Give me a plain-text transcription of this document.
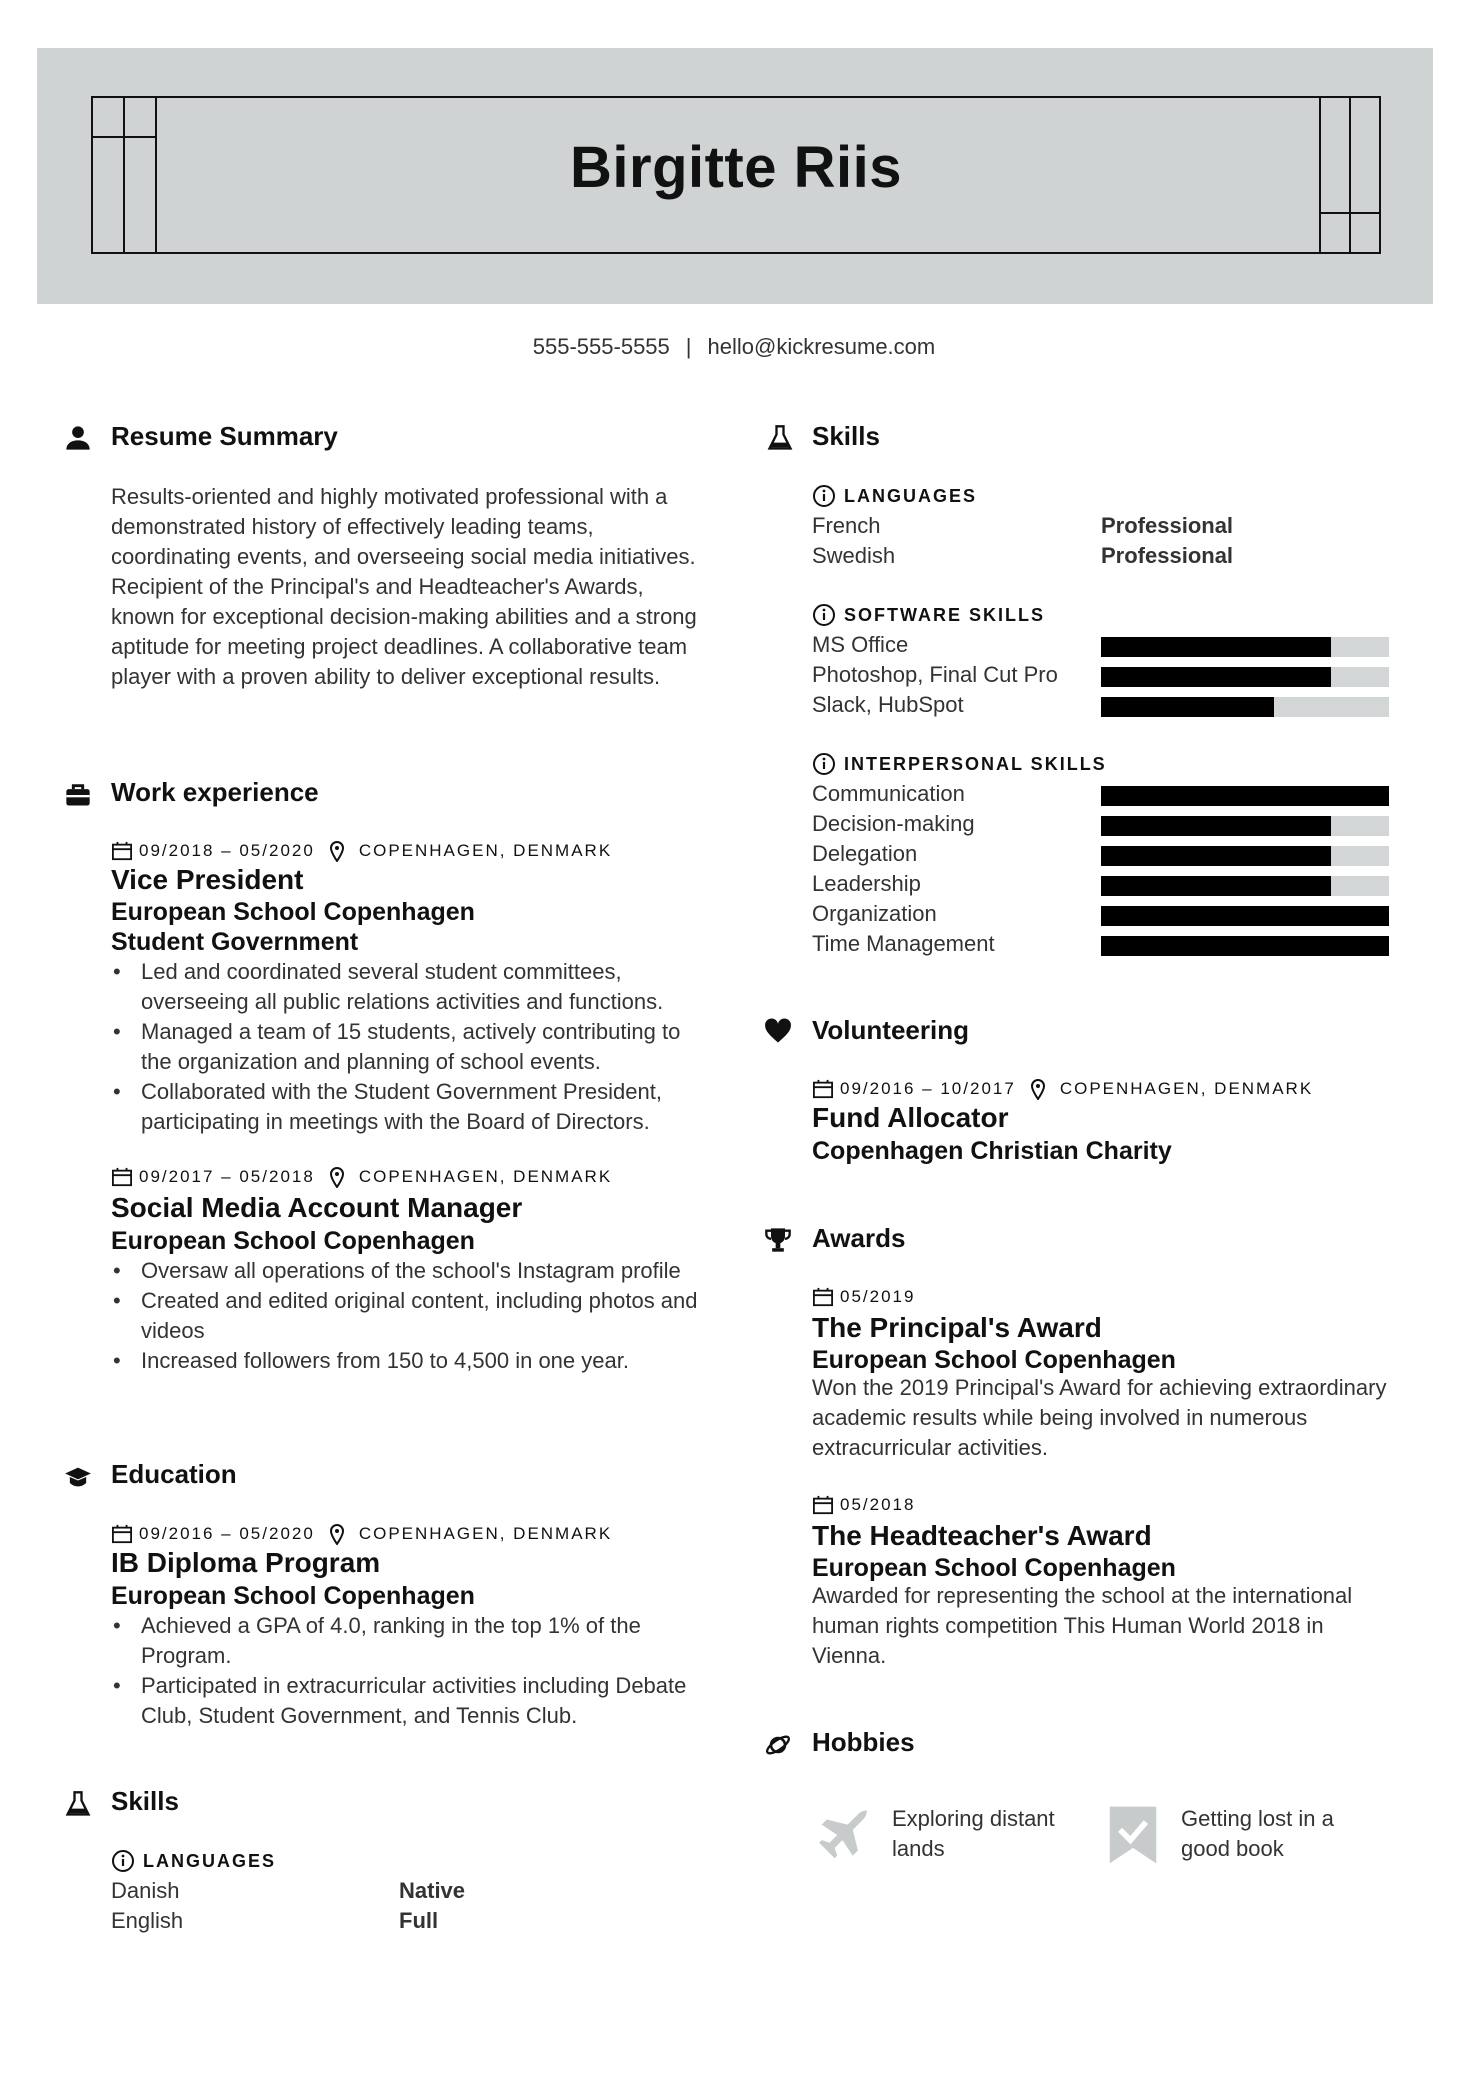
Birgitte Riis
555-555-5555 | hello@kickresume.com
Resume Summary
Results-oriented and highly motivated professional with a demonstrated history of effectively leading teams, coordinating events, and overseeing social media initiatives. Recipient of the Principal's and Headteacher's Awards, known for exceptional decision-making abilities and a strong aptitude for meeting project deadlines. A collaborative team player with a proven ability to deliver exceptional results.
Work experience
09/2018 – 05/2020	COPENHAGEN, DENMARK
Vice President
European School Copenhagen Student Government
• Led and coordinated several student committees, overseeing all public relations activities and functions.
• Managed a team of 15 students, actively contributing to the organization and planning of school events.
• Collaborated with the Student Government President, participating in meetings with the Board of Directors.
09/2017 – 05/2018	COPENHAGEN, DENMARK
Social Media Account Manager
European School Copenhagen
• Oversaw all operations of the school's Instagram profile
• Created and edited original content, including photos and videos
• Increased followers from 150 to 4,500 in one year.
Education
09/2016 – 05/2020	COPENHAGEN, DENMARK
IB Diploma Program
European School Copenhagen
• Achieved a GPA of 4.0, ranking in the top 1% of the Program.
• Participated in extracurricular activities including Debate Club, Student Government, and Tennis Club.
Skills
LANGUAGES
Danish	Native
English	Full
Skills
LANGUAGES
French	Professional
Swedish	Professional
SOFTWARE SKILLS
MS Office
Photoshop, Final Cut Pro
Slack, HubSpot
INTERPERSONAL SKILLS
Communication
Decision-making
Delegation
Leadership
Organization
Time Management
Volunteering
09/2016 – 10/2017	COPENHAGEN, DENMARK
Fund Allocator
Copenhagen Christian Charity
Awards
05/2019
The Principal's Award
European School Copenhagen
Won the 2019 Principal's Award for achieving extraordinary academic results while being involved in numerous extracurricular activities.
05/2018
The Headteacher's Award
European School Copenhagen
Awarded for representing the school at the international human rights competition This Human World 2018 in Vienna.
Hobbies
Exploring distant lands
Getting lost in a good book
